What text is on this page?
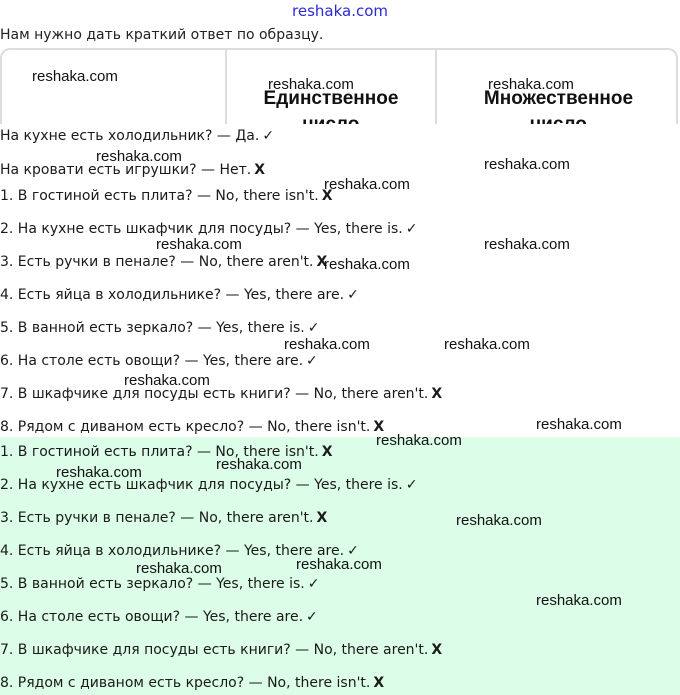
reshaka.com
Нам нужно дать краткий ответ по образцу.
Единственное	Множественное
На кухне есть холодильник? — Да. ✓
На кровати есть игрушки? — Нет. X
1. В гостиной есть плита? — No, there isn't. X
2. На кухне есть шкафчик для посуды? — Yes, there is. ✓
3. Есть ручки в пенале? — No, there aren't. X
4. Есть яйца в холодильнике? — Yes, there are. ✓
5. В ванной есть зеркало? — Yes, there is. ✓
6. На столе есть овощи? — Yes, there are. ✓
7. В шкафчике для посуды есть книги? — No, there aren't. X
8. Рядом с диваном есть кресло? — No, there isn't. X
1. В гостиной есть плита? — No, there isn't. X
2. На кухне есть шкафчик для посуды? — Yes, there is. ✓
3. Есть ручки в пенале? — No, there aren't. X
4. Есть яйца в холодильнике? — Yes, there are. ✓
5. В ванной есть зеркало? — Yes, there is. ✓
6. На столе есть овощи? — Yes, there are. ✓
7. В шкафчике для посуды есть книги? — No, there aren't. X
8. Рядом с диваном есть кресло? — No, there isn't. X
reshaka.com	reshaka.com	reshaka.com
reshaka.com	reshaka.com
reshaka.com
reshaka.com	reshaka.com
reshaka.com
reshaka.com	reshaka.com
reshaka.com
reshaka.com
reshaka.com
reshaka.com
reshaka.com
reshaka.com
reshaka.com
reshaka.com
reshaka.com
